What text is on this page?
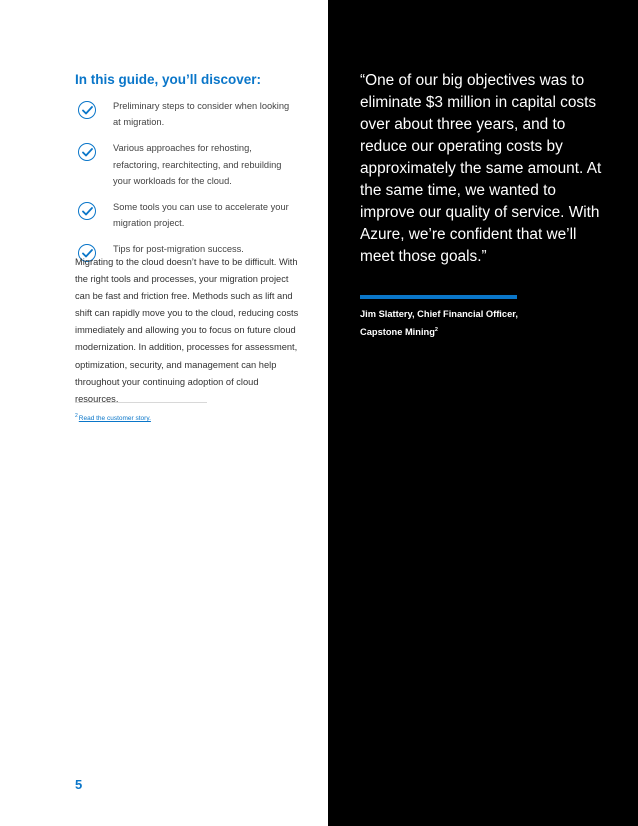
In this guide, you’ll discover:
Preliminary steps to consider when looking at migration.
Various approaches for rehosting, refactoring, rearchitecting, and rebuilding your workloads for the cloud.
Some tools you can use to accelerate your migration project.
Tips for post-migration success.

Migrating to the cloud doesn’t have to be difficult. With the right tools and processes, your migration project can be fast and friction free. Methods such as lift and shift can rapidly move you to the cloud, reducing costs immediately and allowing you to focus on future cloud modernization. In addition, processes for assessment, optimization, security, and management can help throughout your continuing adoption of cloud resources.

$^2$Read the customer story.
5

“One of our big objectives was to eliminate $3 million in capital costs over about three years, and to reduce our operating costs by approximately the same amount. At the same time, we wanted to improve our quality of service. With Azure, we’re confident that we’ll meet those goals.”

Jim Slattery, Chief Financial Officer,
Capstone Mining$^2$
